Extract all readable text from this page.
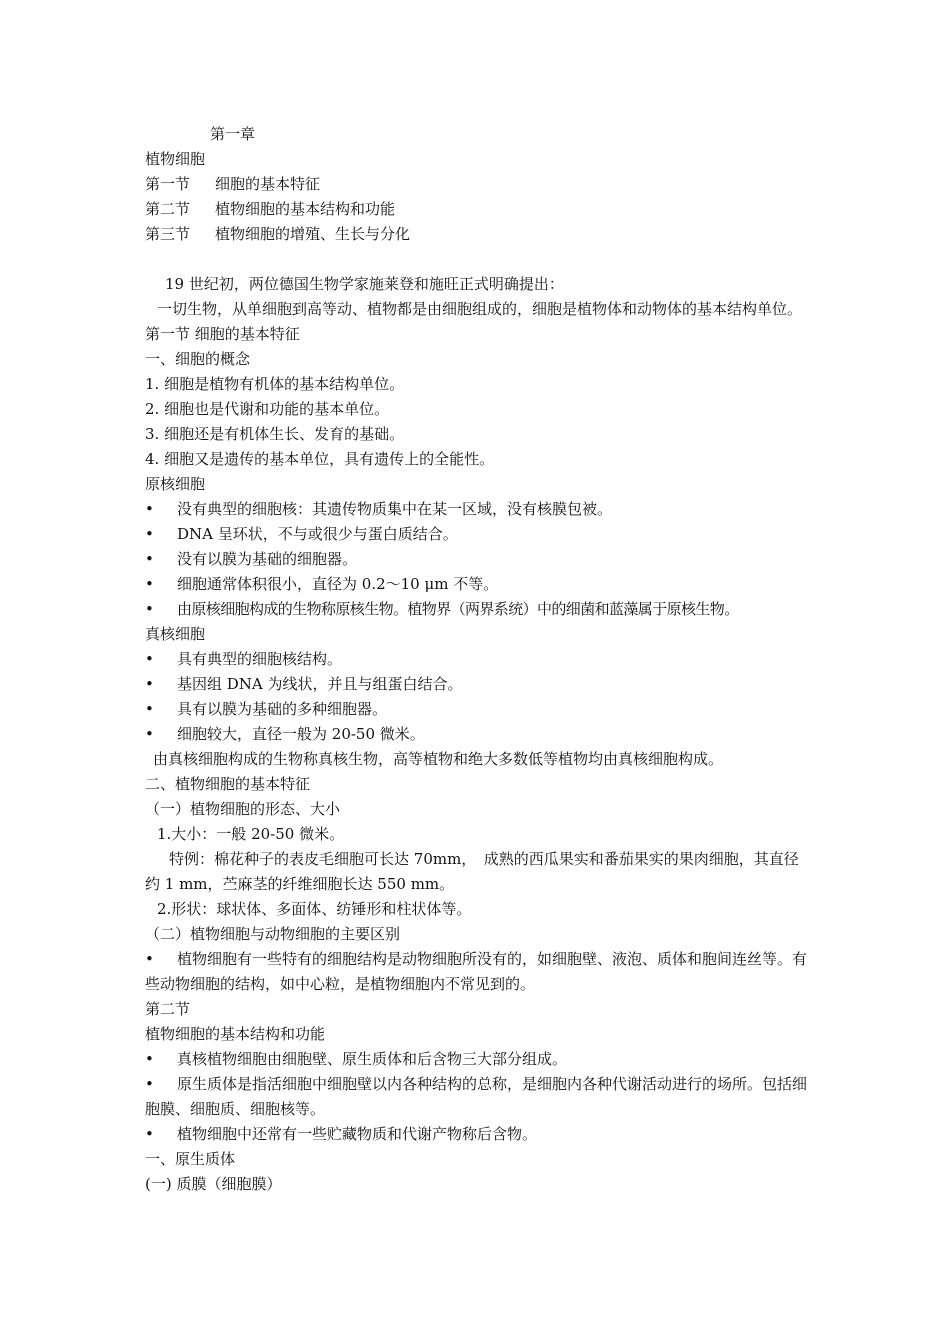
第一章
植物细胞
第一节 细胞的基本特征
第二节 植物细胞的基本结构和功能
第三节 植物细胞的增殖、生长与分化
19 世纪初，两位德国生物学家施莱登和施旺正式明确提出：
一切生物，从单细胞到高等动、植物都是由细胞组成的，细胞是植物体和动物体的基本结构单位。
第一节 细胞的基本特征
一、细胞的概念
1. 细胞是植物有机体的基本结构单位。
2. 细胞也是代谢和功能的基本单位。
3. 细胞还是有机体生长、发育的基础。
4. 细胞又是遗传的基本单位，具有遗传上的全能性。
原核细胞
•	没有典型的细胞核：其遗传物质集中在某一区域，没有核膜包被。
•	DNA 呈环状，不与或很少与蛋白质结合。
•	没有以膜为基础的细胞器。
•	细胞通常体积很小，直径为 0.2～10 μm 不等。
•	由原核细胞构成的生物称原核生物。植物界（两界系统）中的细菌和蓝藻属于原核生物。
真核细胞
•	具有典型的细胞核结构。
•	基因组 DNA 为线状，并且与组蛋白结合。
•	具有以膜为基础的多种细胞器。
•	细胞较大，直径一般为 20-50 微米。
由真核细胞构成的生物称真核生物，高等植物和绝大多数低等植物均由真核细胞构成。
二、植物细胞的基本特征
（一）植物细胞的形态、大小
1.大小：一般 20-50 微米。
特例：棉花种子的表皮毛细胞可长达 70mm，　成熟的西瓜果实和番茄果实的果肉细胞，其直径约 1 mm，苎麻茎的纤维细胞长达 550 mm。
2.形状：球状体、多面体、纺锤形和柱状体等。
（二）植物细胞与动物细胞的主要区别
• 植物细胞有一些特有的细胞结构是动物细胞所没有的，如细胞壁、液泡、质体和胞间连丝等。有些动物细胞的结构，如中心粒，是植物细胞内不常见到的。
第二节
植物细胞的基本结构和功能
• 真核植物细胞由细胞壁、原生质体和后含物三大部分组成。
• 原生质体是指活细胞中细胞壁以内各种结构的总称，是细胞内各种代谢活动进行的场所。包括细胞膜、细胞质、细胞核等。
• 植物细胞中还常有一些贮藏物质和代谢产物称后含物。
一、原生质体
(一) 质膜（细胞膜）
